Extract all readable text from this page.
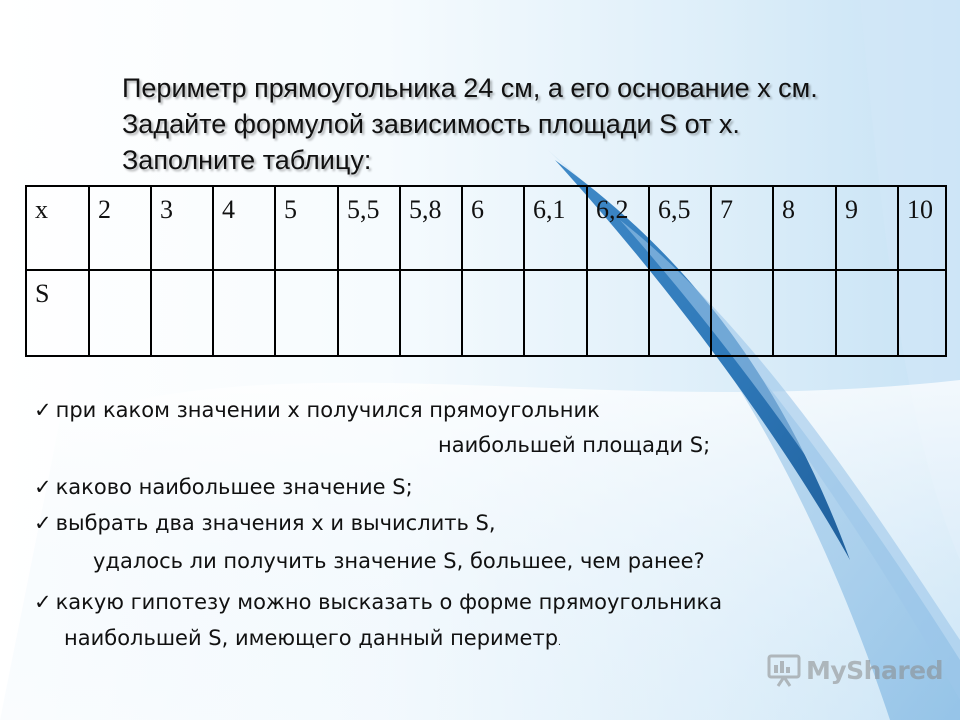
Периметр прямоугольника 24 см, а его основание х см.
Задайте формулой зависимость площади S от х.
Заполните таблицу:
х	2	3	4	5	5,5	5,8	6	6,1	6,2	6,5	7	8	9	10
S														
✓ при каком значении х получился прямоугольник
наибольшей площади S;
✓ каково наибольшее значение S;
✓ выбрать два значения х и вычислить S,
удалось ли получить значение S, большее, чем ранее?
✓ какую гипотезу можно высказать о форме прямоугольника
наибольшей S, имеющего данный периметр.
MyShared
